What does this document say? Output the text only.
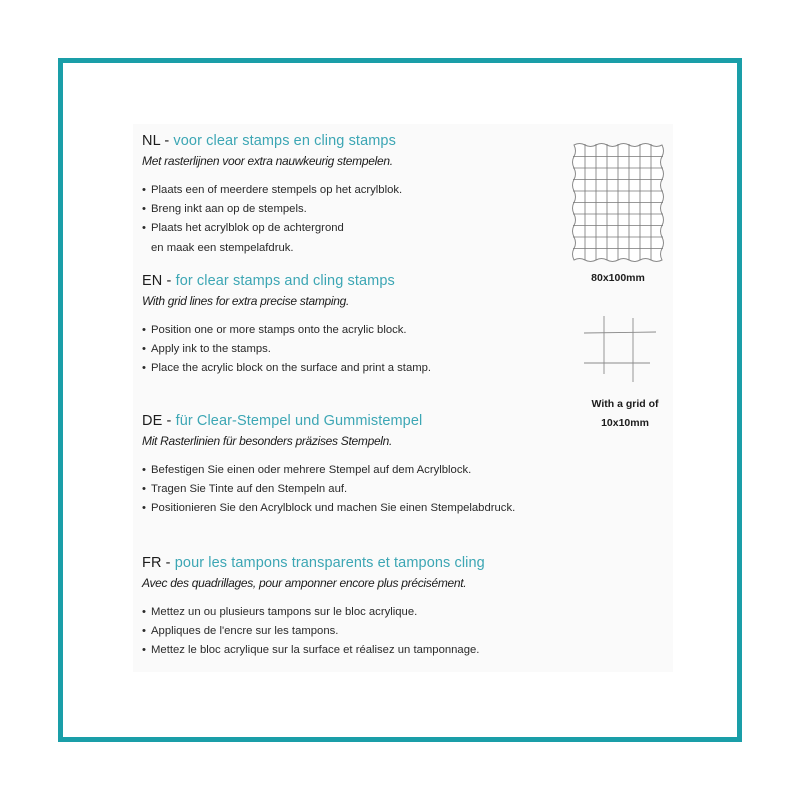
NL - voor clear stamps en cling stamps
Met rasterlijnen voor extra nauwkeurig stempelen.
• Plaats een of meerdere stempels op het acrylblok.
• Breng inkt aan op de stempels.
• Plaats het acrylblok op de achtergrond
en maak een stempelafdruk.
EN - for clear stamps and cling stamps
With grid lines for extra precise stamping.
• Position one or more stamps onto the acrylic block.
• Apply ink to the stamps.
• Place the acrylic block on the surface and print a stamp.
DE - für Clear-Stempel und Gummistempel
Mit Rasterlinien für besonders präzises Stempeln.
• Befestigen Sie einen oder mehrere Stempel auf dem Acrylblock.
• Tragen Sie Tinte auf den Stempeln auf.
• Positionieren Sie den Acrylblock und machen Sie einen Stempelabdruck.
FR - pour les tampons transparents et tampons cling
Avec des quadrillages, pour amponner encore plus précisément.
• Mettez un ou plusieurs tampons sur le bloc acrylique.
• Appliques de l'encre sur les tampons.
• Mettez le bloc acrylique sur la surface et réalisez un tamponnage.
80x100mm
With a grid of
10x10mm
